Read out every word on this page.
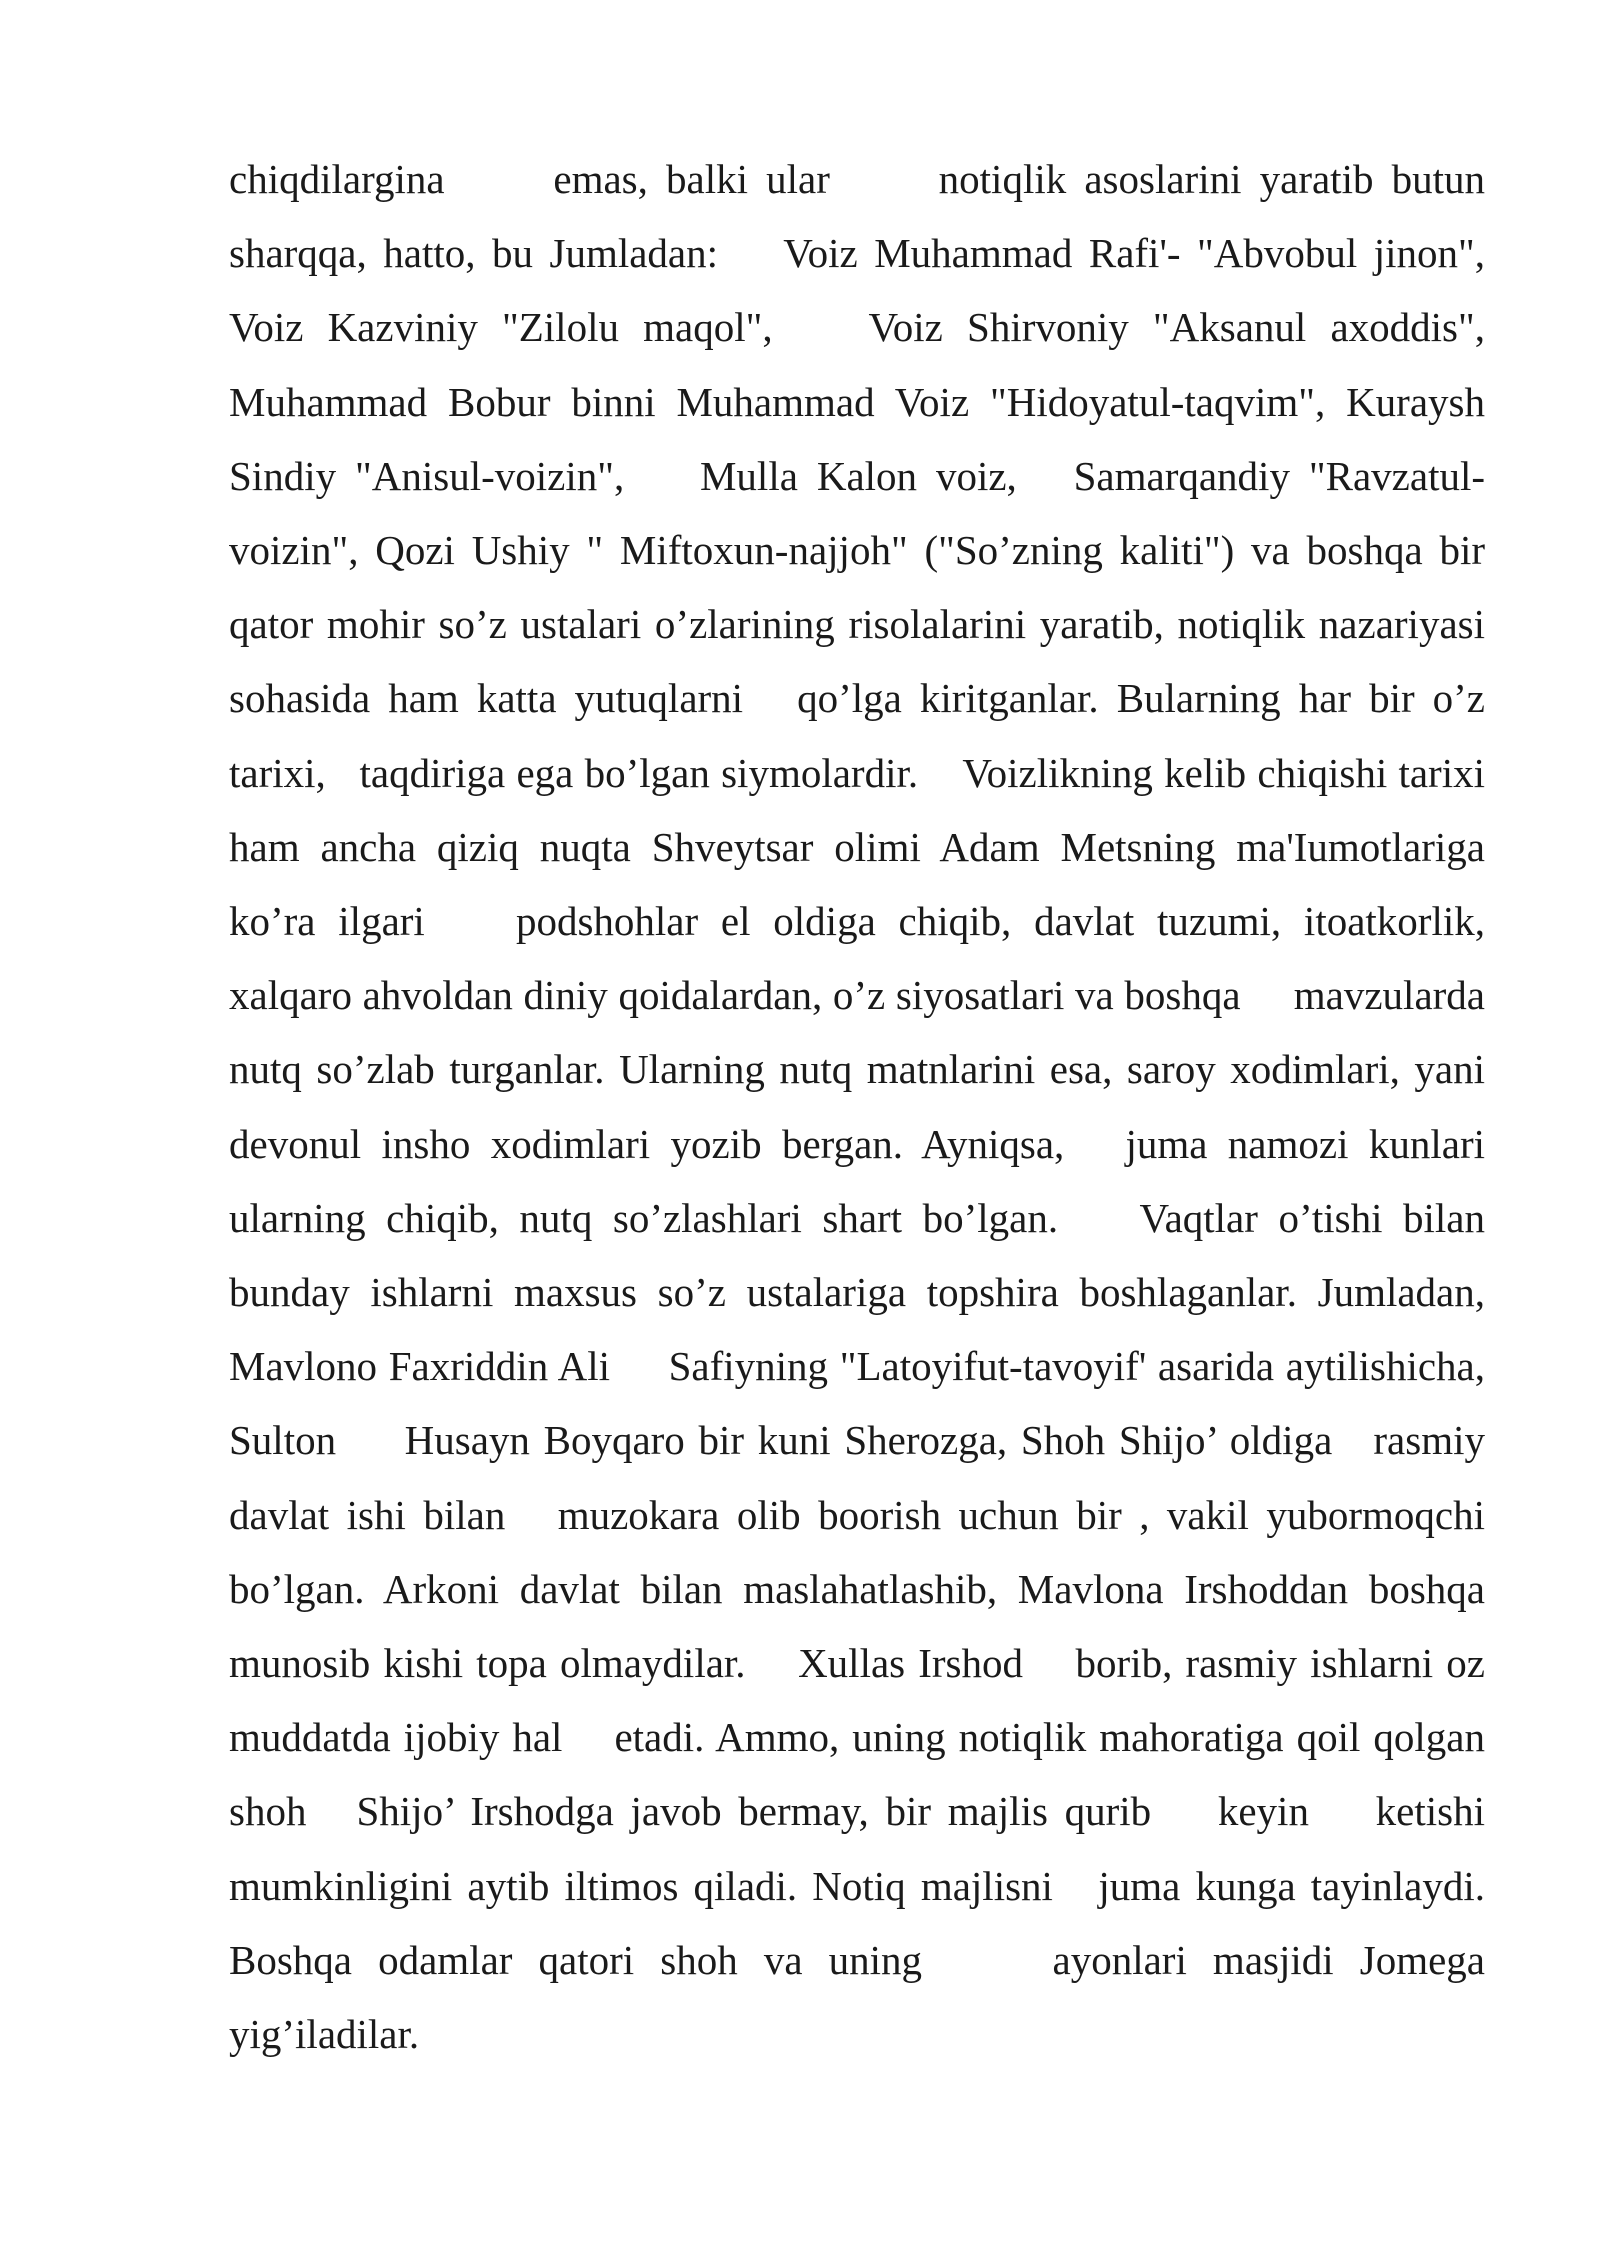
chiqdilargina      emas, balki ular      notiqlik asoslarini yaratib butun sharqqa, hatto, bu Jumladan:    Voiz Muhammad Rafi'- "Abvobul jinon", Voiz Kazviniy "Zilolu maqol",    Voiz Shirvoniy "Aksanul axoddis", Muhammad Bobur binni Muhammad Voiz "Hidoyatul-taqvim", Kuraysh Sindiy "Anisul-voizin",    Mulla Kalon voiz,   Samarqandiy "Ravzatul-voizin", Qozi Ushiy " Miftoxun-najjoh" ("So’zning kaliti") va boshqa bir qator mohir so’z ustalari o’zlarining risolalarini yaratib, notiqlik nazariyasi sohasida ham katta yutuqlarni   qo’lga kiritganlar. Bularning har bir o’z tarixi,   taqdiriga ega bo’lgan siymolardir.    Voizlikning kelib chiqishi tarixi ham ancha qiziq nuqta Shveytsar olimi Adam Metsning ma'Iumotlariga ko’ra ilgari    podshohlar el oldiga chiqib, davlat tuzumi, itoatkorlik,     xalqaro ahvoldan diniy qoidalardan, o’z siyosatlari va boshqa     mavzularda nutq so’zlab turganlar. Ularning nutq matnlarini esa, saroy xodimlari, yani devonul insho xodimlari yozib bergan. Ayniqsa,   juma namozi kunlari ularning chiqib, nutq so’zlashlari shart bo’lgan.    Vaqtlar o’tishi bilan bunday ishlarni maxsus so’z ustalariga topshira boshlaganlar. Jumladan, Mavlono Faxriddin Ali     Safiyning "Latoyifut-tavoyif' asarida aytilishicha, Sulton     Husayn Boyqaro bir kuni Sherozga, Shoh Shijo’ oldiga   rasmiy davlat ishi bilan   muzokara olib boorish uchun bir , vakil yubormoqchi bo’lgan. Arkoni davlat bilan maslahatlashib, Mavlona Irshoddan boshqa munosib kishi topa olmaydilar.    Xullas Irshod    borib, rasmiy ishlarni oz muddatda ijobiy hal    etadi. Ammo, uning notiqlik mahoratiga qoil qolgan shoh   Shijo’ Irshodga javob bermay, bir majlis qurib    keyin    ketishi mumkinligini aytib iltimos qiladi. Notiq majlisni   juma kunga tayinlaydi. Boshqa odamlar qatori shoh va uning     ayonlari masjidi Jomega yig’iladilar.
